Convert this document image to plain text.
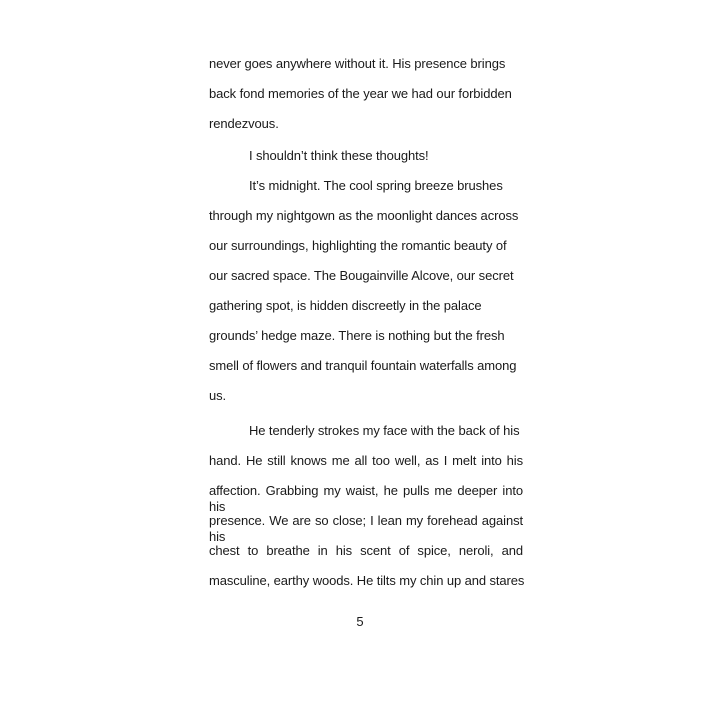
never goes anywhere without it. His presence brings
back fond memories of the year we had our forbidden
rendezvous.
I shouldn’t think these thoughts!
It’s midnight. The cool spring breeze brushes
through my nightgown as the moonlight dances across
our surroundings, highlighting the romantic beauty of
our sacred space. The Bougainville Alcove, our secret
gathering spot, is hidden discreetly in the palace
grounds’ hedge maze. There is nothing but the fresh
smell of flowers and tranquil fountain waterfalls among
us.
He tenderly strokes my face with the back of his
hand. He still knows me all too well, as I melt into his
affection. Grabbing my waist, he pulls me deeper into his
presence. We are so close; I lean my forehead against his
chest to breathe in his scent of spice, neroli, and
masculine, earthy woods. He tilts my chin up and stares
5
